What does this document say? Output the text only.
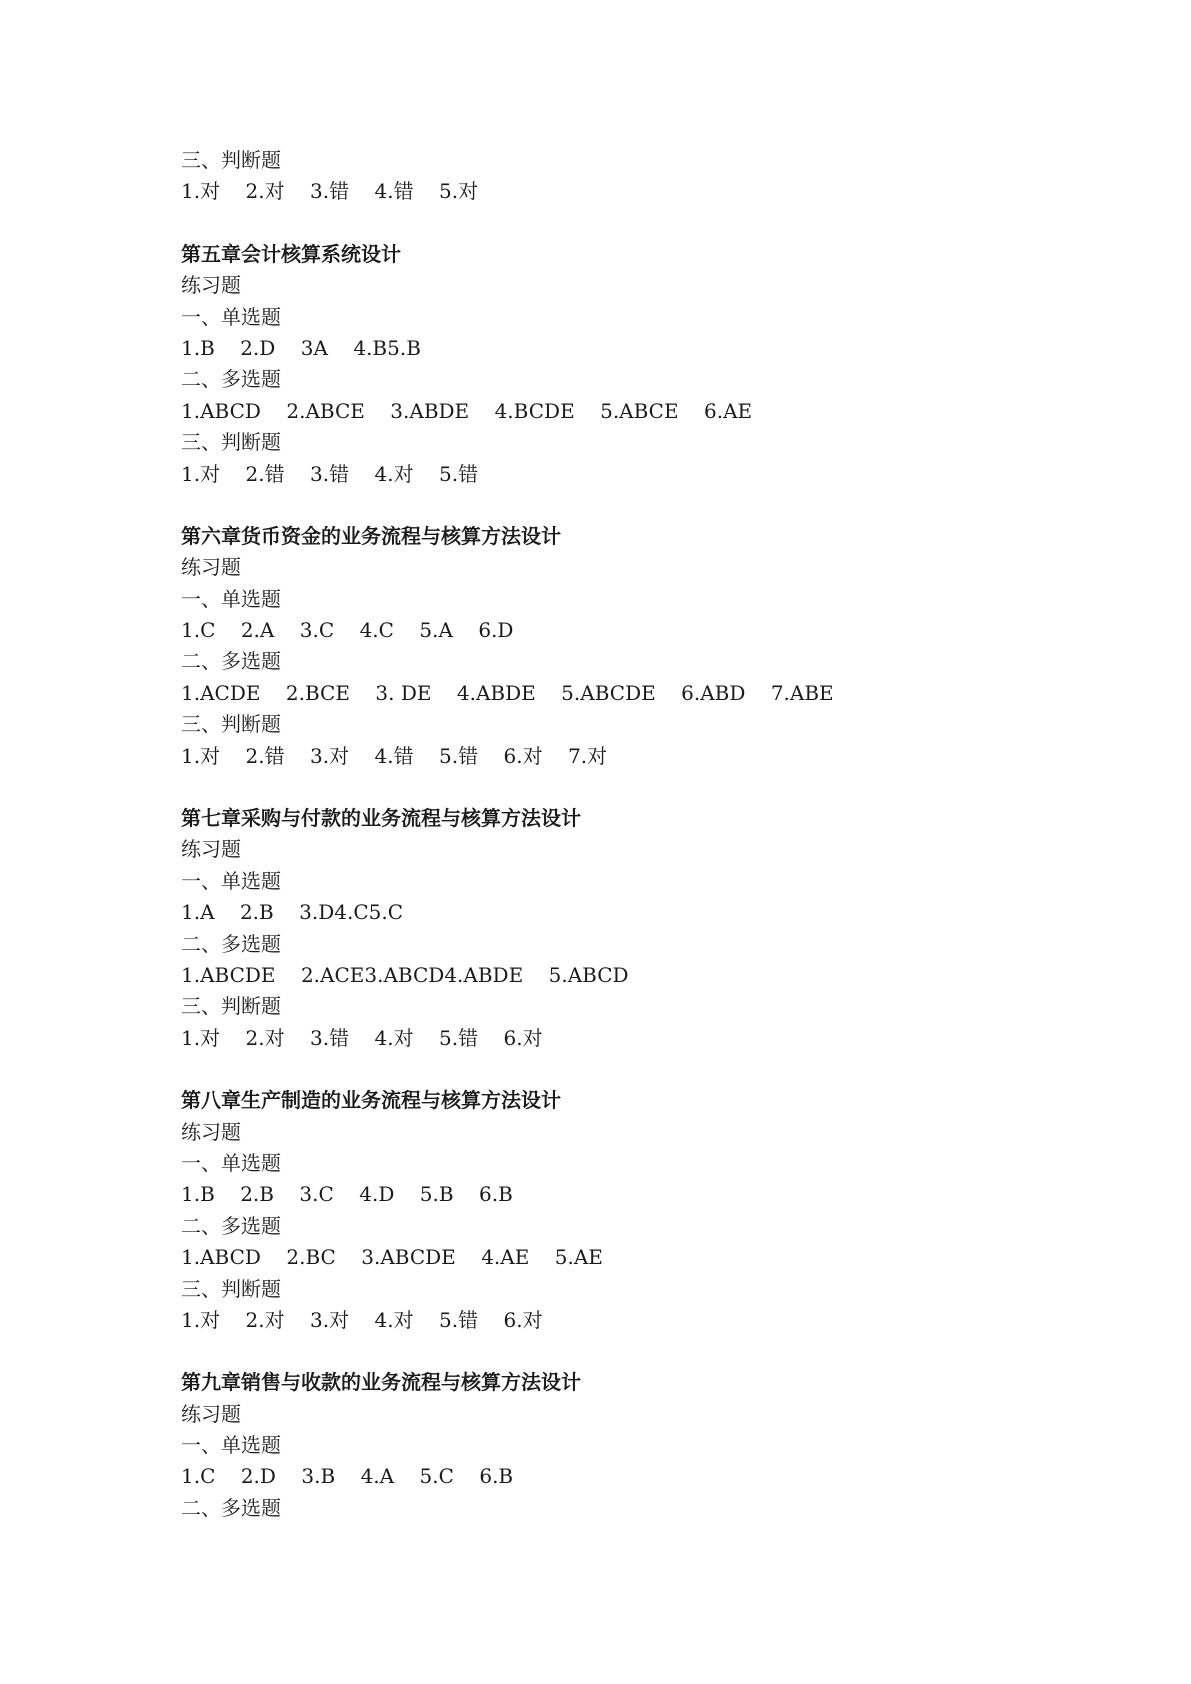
三、判断题
1.对    2.对    3.错    4.错    5.对
第五章会计核算系统设计
练习题
一、单选题
1.B    2.D    3A    4.B5.B
二、多选题
1.ABCD    2.ABCE    3.ABDE    4.BCDE    5.ABCE    6.AE
三、判断题
1.对    2.错    3.错    4.对    5.错
第六章货币资金的业务流程与核算方法设计
练习题
一、单选题
1.C    2.A    3.C    4.C    5.A    6.D
二、多选题
1.ACDE    2.BCE    3. DE    4.ABDE    5.ABCDE    6.ABD    7.ABE
三、判断题
1.对    2.错    3.对    4.错    5.错    6.对    7.对
第七章采购与付款的业务流程与核算方法设计
练习题
一、单选题
1.A    2.B    3.D4.C5.C
二、多选题
1.ABCDE    2.ACE3.ABCD4.ABDE    5.ABCD
三、判断题
1.对    2.对    3.错    4.对    5.错    6.对
第八章生产制造的业务流程与核算方法设计
练习题
一、单选题
1.B    2.B    3.C    4.D    5.B    6.B
二、多选题
1.ABCD    2.BC    3.ABCDE    4.AE    5.AE
三、判断题
1.对    2.对    3.对    4.对    5.错    6.对
第九章销售与收款的业务流程与核算方法设计
练习题
一、单选题
1.C    2.D    3.B    4.A    5.C    6.B
二、多选题
